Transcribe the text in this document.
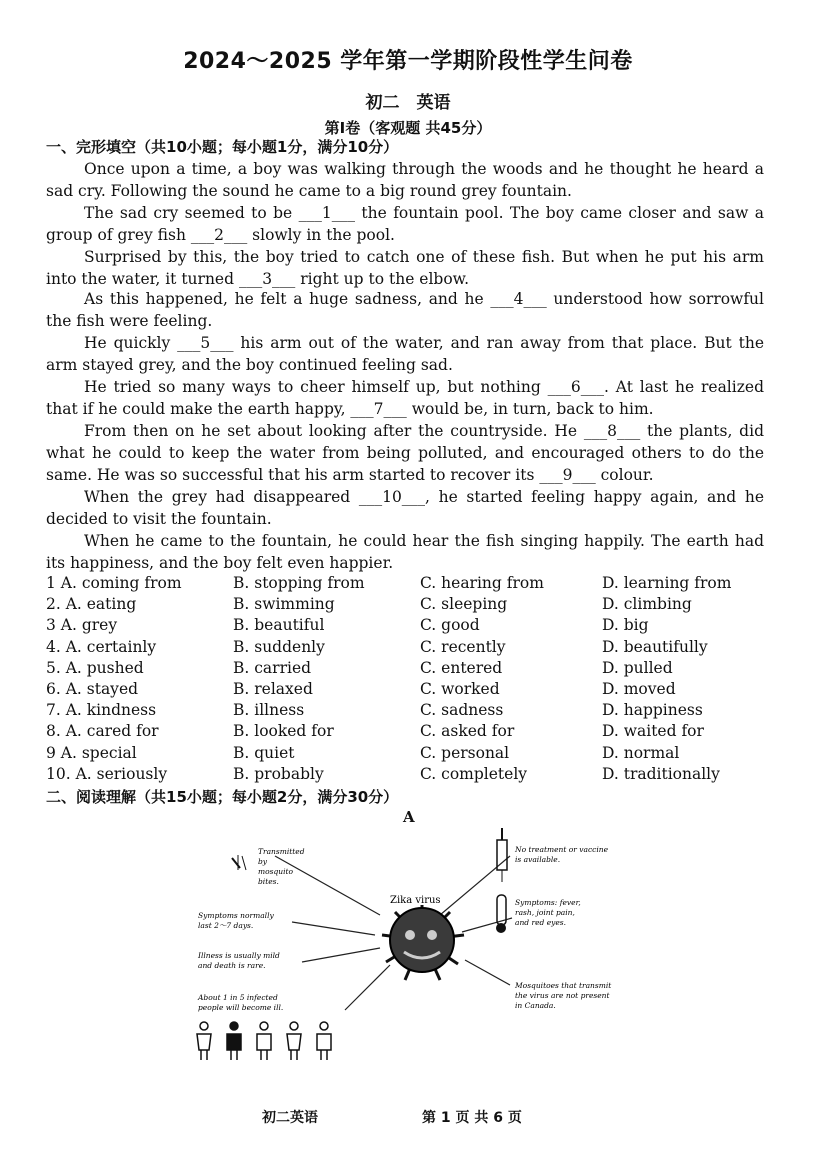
2024～2025 学年第一学期阶段性学生问卷
初二　英语
第Ⅰ卷（客观题 共45分）
一、完形填空（共10小题；每小题1分，满分10分）
Once upon a time, a boy was walking through the woods and he thought he heard a sad cry. Following the sound he came to a big round grey fountain.
The sad cry seemed to be ___1___ the fountain pool. The boy came closer and saw a group of grey fish ___2___ slowly in the pool.
Surprised by this, the boy tried to catch one of these fish. But when he put his arm into the water, it turned ___3___ right up to the elbow.
As this happened, he felt a huge sadness, and he ___4___ understood how sorrowful the fish were feeling.
He quickly ___5___ his arm out of the water, and ran away from that place. But the arm stayed grey, and the boy continued feeling sad.
He tried so many ways to cheer himself up, but nothing ___6___. At last he realized that if he could make the earth happy, ___7___ would be, in turn, back to him.
From then on he set about looking after the countryside. He ___8___ the plants, did what he could to keep the water from being polluted, and encouraged others to do the same. He was so successful that his arm started to recover its ___9___ colour.
When the grey had disappeared ___10___, he started feeling happy again, and he decided to visit the fountain.
When he came to the fountain, he could hear the fish singing happily. The earth had its happiness, and the boy felt even happier.
1 A. coming from	B. stopping from	C. hearing from	D. learning from
2. A. eating	B. swimming	C. sleeping	D. climbing
3 A. grey	B. beautiful	C. good	D. big
4. A. certainly	B. suddenly	C. recently	D. beautifully
5. A. pushed	B. carried	C. entered	D. pulled
6. A. stayed	B. relaxed	C. worked	D. moved
7. A. kindness	B. illness	C. sadness	D. happiness
8. A. cared for	B. looked for	C. asked for	D. waited for
9 A. special	B. quiet	C. personal	D. normal
10. A. seriously	B. probably	C. completely	D. traditionally
二、阅读理解（共15小题；每小题2分，满分30分）
A
Zika virus
Transmitted by mosquito bites.
Symptoms normally last 2～7 days.
Illness is usually mild and death is rare.
About 1 in 5 infected people will become ill.
No treatment or vaccine is available.
Symptoms: fever, rash, joint pain, and red eyes.
Mosquitoes that transmit the virus are not present in Canada.
初二英语	第 1 页 共 6 页
